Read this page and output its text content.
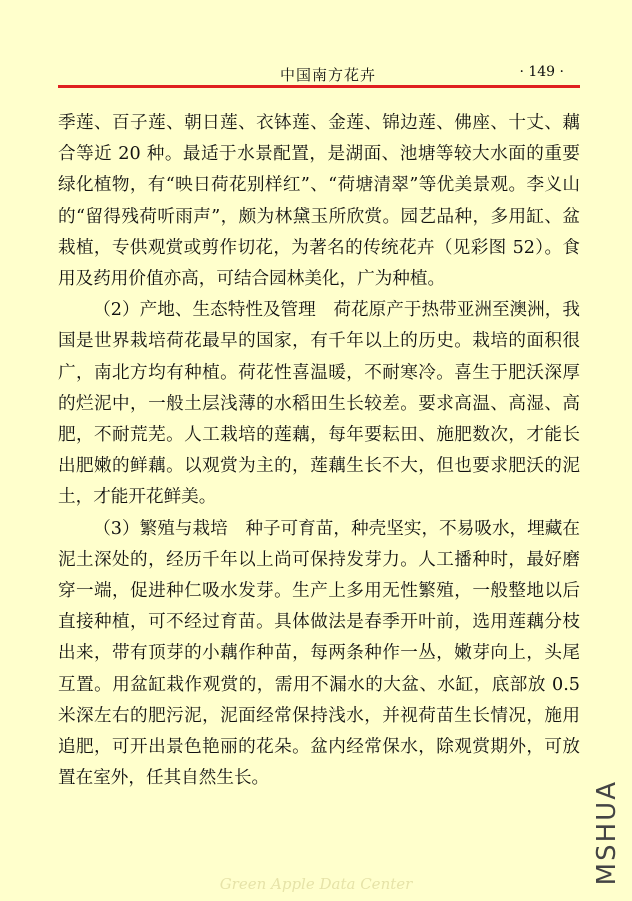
中国南方花卉	· 149 ·

季莲、百子莲、朝日莲、衣钵莲、金莲、锦边莲、佛座、十丈、藕合等近 20 种。最适于水景配置，是湖面、池塘等较大水面的重要绿化植物，有“映日荷花别样红”、“荷塘清翠”等优美景观。李义山的“留得残荷听雨声”，颇为林黛玉所欣赏。园艺品种，多用缸、盆栽植，专供观赏或剪作切花，为著名的传统花卉（见彩图 52）。食用及药用价值亦高，可结合园林美化，广为种植。

（2）产地、生态特性及管理　荷花原产于热带亚洲至澳洲，我国是世界栽培荷花最早的国家，有千年以上的历史。栽培的面积很广，南北方均有种植。荷花性喜温暖，不耐寒冷。喜生于肥沃深厚的烂泥中，一般土层浅薄的水稻田生长较差。要求高温、高湿、高肥，不耐荒芜。人工栽培的莲藕，每年要耘田、施肥数次，才能长出肥嫩的鲜藕。以观赏为主的，莲藕生长不大，但也要求肥沃的泥土，才能开花鲜美。

（3）繁殖与栽培　种子可育苗，种壳坚实，不易吸水，埋藏在泥土深处的，经历千年以上尚可保持发芽力。人工播种时，最好磨穿一端，促进种仁吸水发芽。生产上多用无性繁殖，一般整地以后直接种植，可不经过育苗。具体做法是春季开叶前，选用莲藕分枝出来，带有顶芽的小藕作种苗，每两条种作一丛，嫩芽向上，头尾互置。用盆缸栽作观赏的，需用不漏水的大盆、水缸，底部放 0.5 米深左右的肥污泥，泥面经常保持浅水，并视荷苗生长情况，施用追肥，可开出景色艳丽的花朵。盆内经常保水，除观赏期外，可放置在室外，任其自然生长。

MSHUA
Green Apple Data Center
